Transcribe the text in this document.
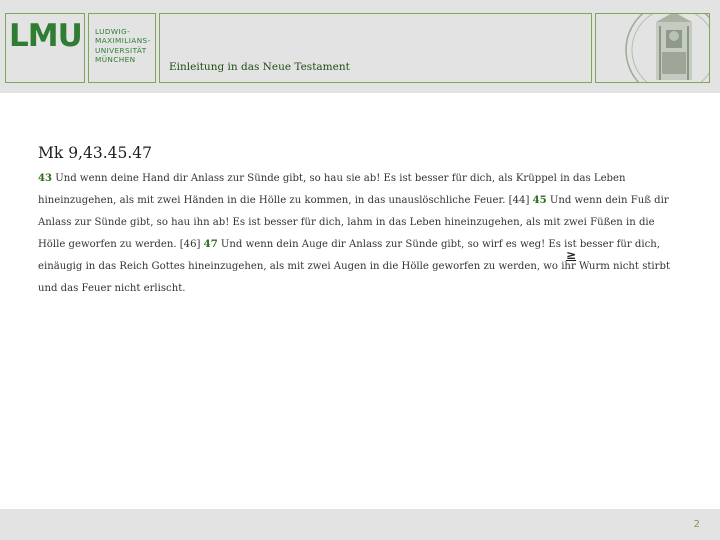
LMU LUDWIG-
MAXIMILIANS-
UNIVERSITÄT
MÜNCHEN
Einleitung in das Neue Testament
Mk 9,43.45.47
43 Und wenn deine Hand dir Anlass zur Sünde gibt, so hau sie ab! Es ist besser für dich, als Krüppel in das Leben hineinzugehen, als mit zwei Händen in die Hölle zu kommen, in das unauslöschliche Feuer. [44] 45 Und wenn dein Fuß dir Anlass zur Sünde gibt, so hau ihn ab! Es ist besser für dich, lahm in das Leben hineinzugehen, als mit zwei Füßen in die Hölle geworfen zu werden. [46] 47 Und wenn dein Auge dir Anlass zur Sünde gibt, so wirf es weg! Es ist besser für dich, einäugig in das Reich Gottes hineinzugehen, als mit zwei Augen in die Hölle geworfen zu werden, wo ihr Wurm nicht stirbt und das Feuer nicht erlischt.
≥
2
